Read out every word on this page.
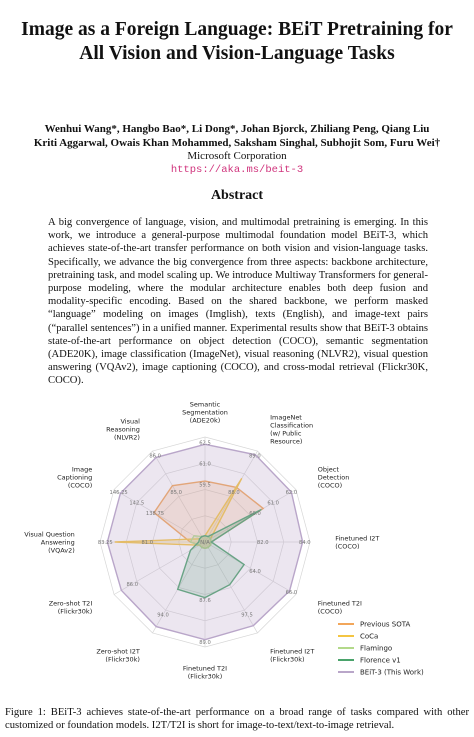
Image as a Foreign Language: BEiT Pretraining for
All Vision and Vision-Language Tasks
Wenhui Wang*, Hangbo Bao*, Li Dong*, Johan Bjorck, Zhiliang Peng, Qiang Liu
Kriti Aggarwal, Owais Khan Mohammed, Saksham Singhal, Subhojit Som, Furu Wei†
Microsoft Corporation
https://aka.ms/beit-3
Abstract

A big convergence of language, vision, and multimodal pretraining is emerging. In this work, we introduce a general-purpose multimodal foundation model BEiT-3, which achieves state-of-the-art transfer performance on both vision and vision-language tasks. Specifically, we advance the big convergence from three aspects: backbone architecture, pretraining task, and model scaling up. We introduce Multiway Transformers for general-purpose modeling, where the modular architecture enables both deep fusion and modality-specific encoding. Based on the shared backbone, we perform masked “language” modeling on images (Imglish), texts (English), and image-text pairs (“parallel sentences”) in a unified manner. Experimental results show that BEiT-3 obtains state-of-the-art performance on object detection (COCO), semantic segmentation (ADE20K), image classification (ImageNet), visual reasoning (NLVR2), visual question answering (VQAv2), image captioning (COCO), and cross-modal retrieval (Flickr30K, COCO).

59.5
61.0
62.5
88.0
89.0
60.0
61.0
62.0
82.0	84.0
64.0
66.0
97.5
87.6
89.0
94.0
86.0
81.0
83.25
138.75
142.5
146.25	85.0
86.0
N/A
Semantic Segmentation (ADE20k)	ImageNet Classification (w/ Public Resource)
Object Detection (COCO)
Finetuned I2T (COCO)
Finetuned T2I (COCO)
Finetuned I2T (Flickr30k)
Finetuned T2I (Flickr30k)
Zero-shot I2T (Flickr30k)
Zero-shot T2I (Flickr30k)
Visual Question Answering (VQAv2)
Image Captioning (COCO)
Visual Reasoning (NLVR2)
Previous SOTA
CoCa
Flamingo
Florence v1
BEiT-3 (This Work)
Figure 1: BEiT-3 achieves state-of-the-art performance on a broad range of tasks compared with other customized or foundation models. I2T/T2I is short for image-to-text/text-to-image retrieval.
